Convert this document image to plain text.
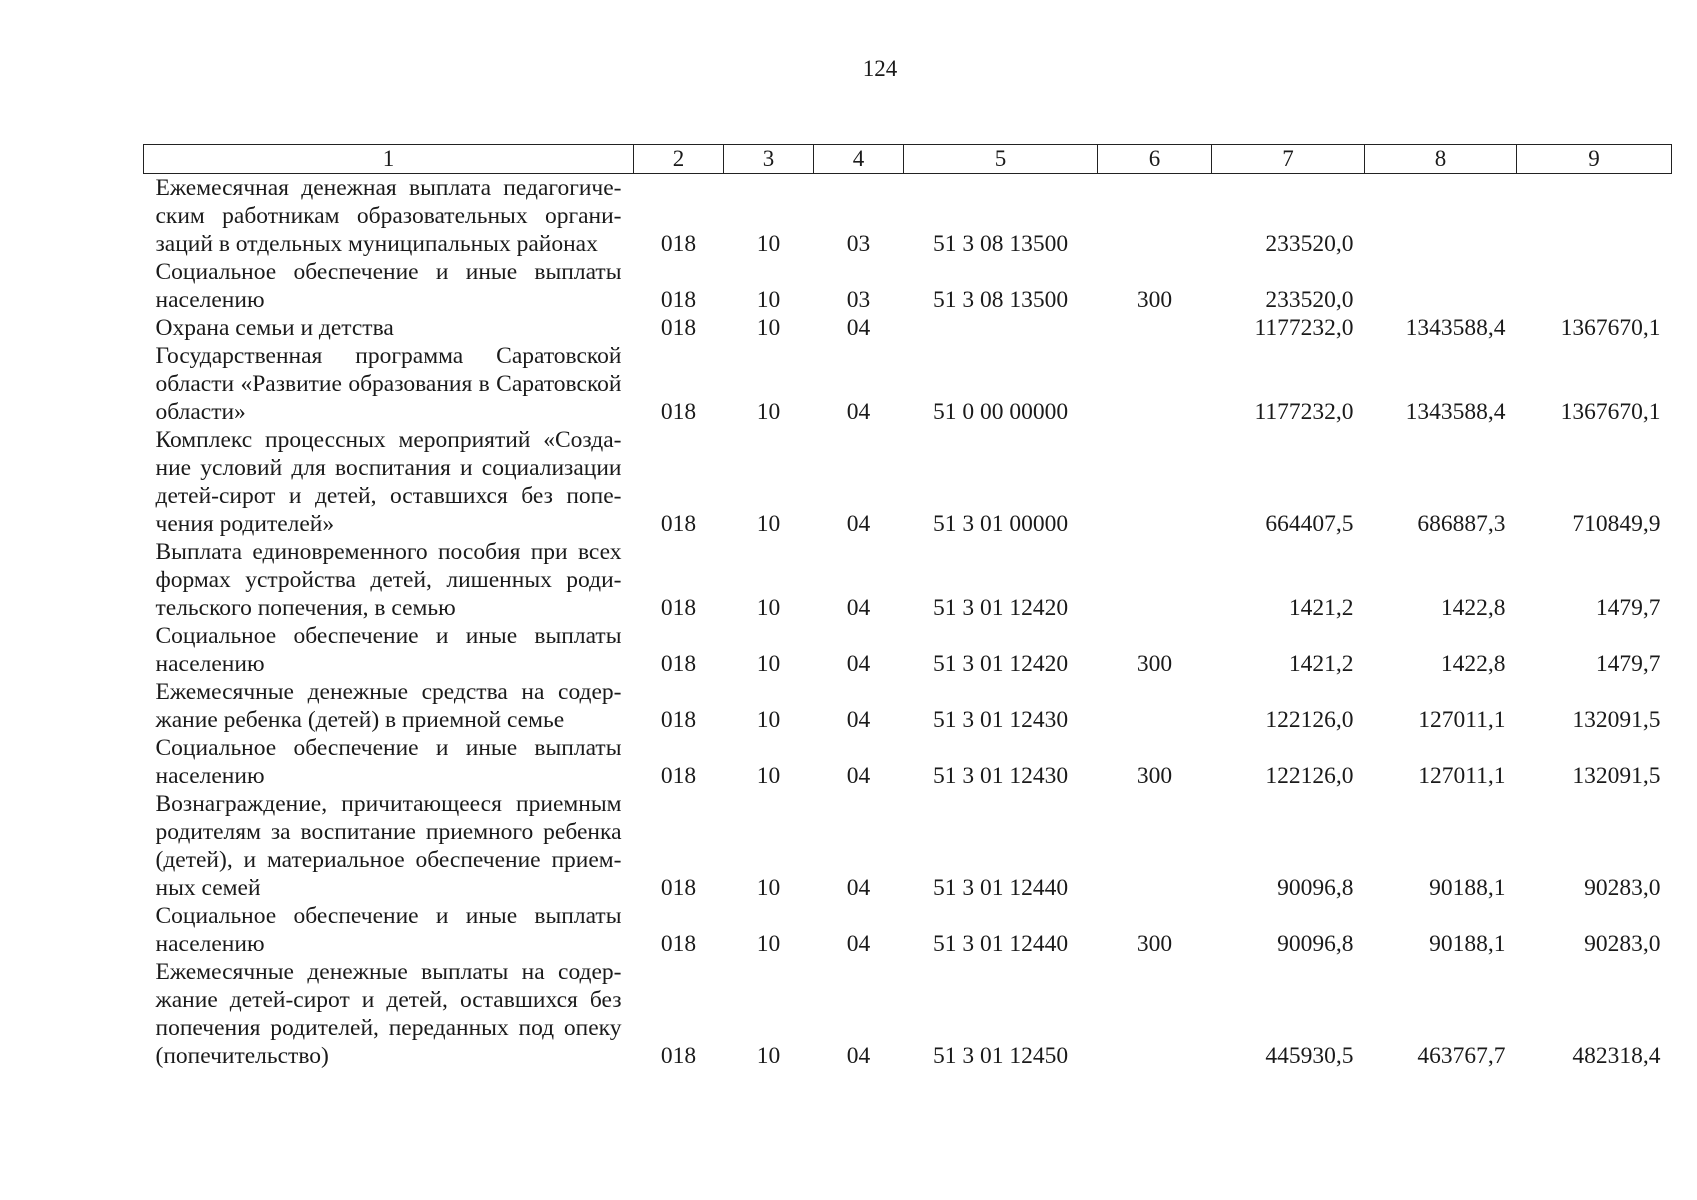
124
1	2	3	4	5	6	7	8	9
Ежемесячная денежная выплата педагогическим работникам образовательных организаций в отдельных муниципальных районах	018	10	03	51 3 08 13500		233520,0		
Социальное обеспечение и иные выплаты населению	018	10	03	51 3 08 13500	300	233520,0		
Охрана семьи и детства	018	10	04			1177232,0	1343588,4	1367670,1
Государственная программа Саратовской области «Развитие образования в Саратовской области»	018	10	04	51 0 00 00000		1177232,0	1343588,4	1367670,1
Комплекс процессных мероприятий «Создание условий для воспитания и социализации детей-сирот и детей, оставшихся без попечения родителей»	018	10	04	51 3 01 00000		664407,5	686887,3	710849,9
Выплата единовременного пособия при всех формах устройства детей, лишенных родительского попечения, в семью	018	10	04	51 3 01 12420		1421,2	1422,8	1479,7
Социальное обеспечение и иные выплаты населению	018	10	04	51 3 01 12420	300	1421,2	1422,8	1479,7
Ежемесячные денежные средства на содержание ребенка (детей) в приемной семье	018	10	04	51 3 01 12430		122126,0	127011,1	132091,5
Социальное обеспечение и иные выплаты населению	018	10	04	51 3 01 12430	300	122126,0	127011,1	132091,5
Вознаграждение, причитающееся приемным родителям за воспитание приемного ребенка (детей), и материальное обеспечение приемных семей	018	10	04	51 3 01 12440		90096,8	90188,1	90283,0
Социальное обеспечение и иные выплаты населению	018	10	04	51 3 01 12440	300	90096,8	90188,1	90283,0
Ежемесячные денежные выплаты на содержание детей-сирот и детей, оставшихся без попечения родителей, переданных под опеку (попечительство)	018	10	04	51 3 01 12450		445930,5	463767,7	482318,4
